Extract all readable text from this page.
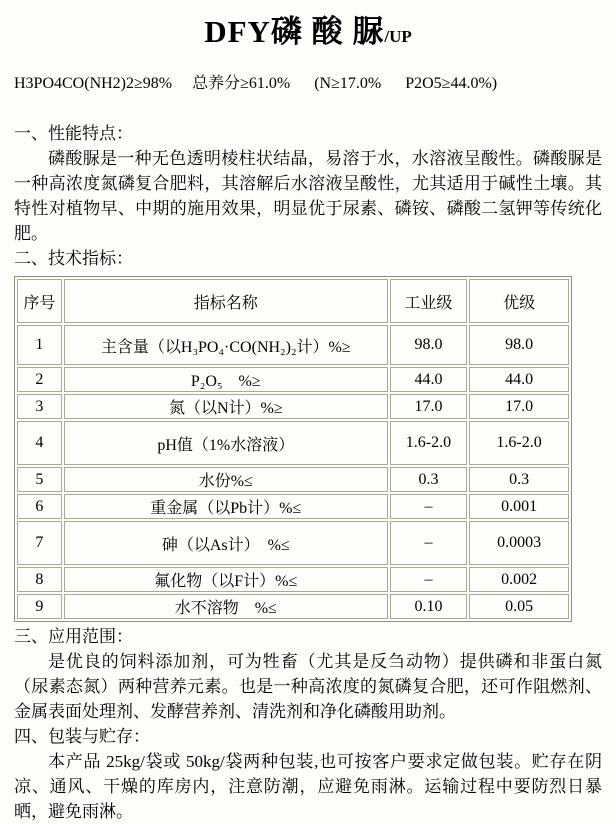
DFY磷 酸 脲/UP

H3PO4CO(NH2)2≥98%　 总养分≥61.0%　  (N≥17.0%　  P2O5≥44.0%)

一、性能特点：

磷酸脲是一种无色透明棱柱状结晶，易溶于水，水溶液呈酸性。磷酸脲是一种高浓度氮磷复合肥料，其溶解后水溶液呈酸性，尤其适用于碱性土壤。其特性对植物早、中期的施用效果，明显优于尿素、磷铵、磷酸二氢钾等传统化肥。

二、技术指标：

序号	指标名称	工业级	优级
1	主含量（以H₃PO₄·CO(NH₂)₂计）%≥	98.0	98.0
2	P₂O₅　%≥	44.0	44.0
3	氮（以N计）%≥	17.0	17.0
4	pH值（1%水溶液）	1.6-2.0	1.6-2.0
5	水份%≤	0.3	0.3
6	重金属（以Pb计）%≤	–	0.001
7	砷（以As计）　%≤	–	0.0003
8	氟化物（以F计）%≤	–	0.002
9	水不溶物　%≤	0.10	0.05

三、应用范围：

是优良的饲料添加剂，可为牲畜（尤其是反刍动物）提供磷和非蛋白氮（尿素态氮）两种营养元素。也是一种高浓度的氮磷复合肥，还可作阻燃剂、金属表面处理剂、发酵营养剂、清洗剂和净化磷酸用助剂。

四、包装与贮存：

本产品 25kg/袋或 50kg/袋两种包装,也可按客户要求定做包装。贮存在阴凉、通风、干燥的库房内，注意防潮，应避免雨淋。运输过程中要防烈日暴晒，避免雨淋。
